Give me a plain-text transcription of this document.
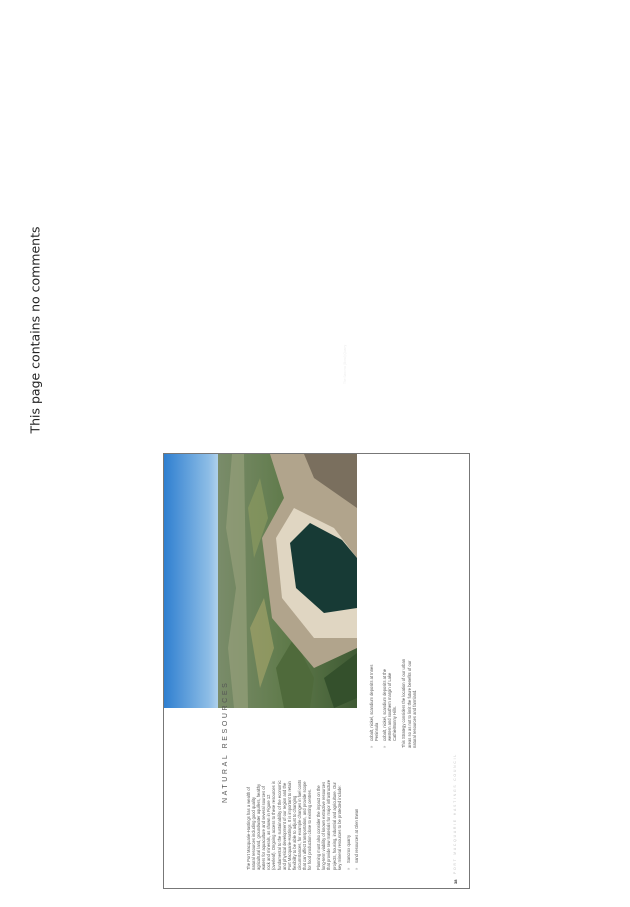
This page contains no comments	The Sancrox (Boral) Quarry
NATURAL RESOURCES

The Port Macquarie-Hastings has a wealth of natural resources including good quality agricultural land, groundwater aquifers, healthy waters for aquaculture and several sources of rock and minerals, as shown in Figure 12 (overleaf). Ongoing access to these resources is fundamental to the sustainability of the economic and physical development of our region and the Port Macquarie-Hastings. It is important to retain flexibility to be able to adjust to changing circumstances, for example changes in fuel costs that can affect transportation, and provide scope for food production close to existing centres. Planning must also consider the impact on the long-term viability of known extractive resources that provide raw materials for major infrastructure projects, housing, industrial and agriculture. Our key mineral resources to be protected include: » Sancrox quarry » sand resources at Glen Ewan
» cobalt, nickel, scandium deposits at Innes Peninsula » cobalt, nickel, scandium deposits at the western and southern margin of Lake Cathie/Bonny Hills. This Strategy considers the location of our urban areas so as not to limit the future benefits of our natural resources and farmland.

38
PORT MACQUARIE HASTINGS COUNCIL
